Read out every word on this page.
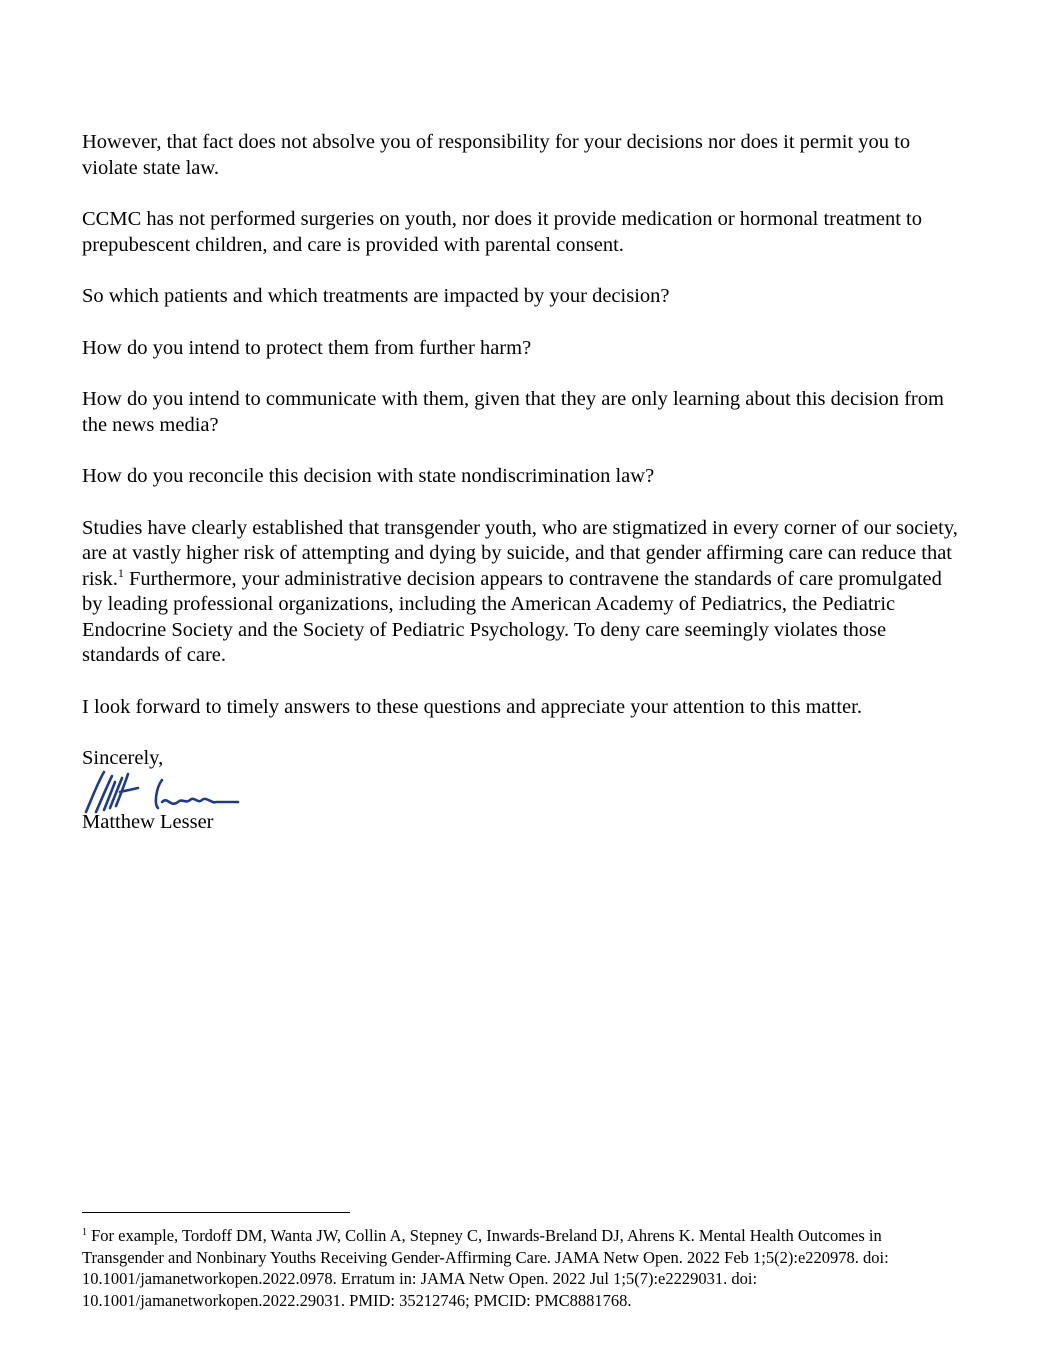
However, that fact does not absolve you of responsibility for your decisions nor does it permit you to violate state law.

CCMC has not performed surgeries on youth, nor does it provide medication or hormonal treatment to prepubescent children, and care is provided with parental consent.

So which patients and which treatments are impacted by your decision?

How do you intend to protect them from further harm?

How do you intend to communicate with them, given that they are only learning about this decision from the news media?

How do you reconcile this decision with state nondiscrimination law?

Studies have clearly established that transgender youth, who are stigmatized in every corner of our society, are at vastly higher risk of attempting and dying by suicide, and that gender affirming care can reduce that risk.$^1$ Furthermore, your administrative decision appears to contravene the standards of care promulgated by leading professional organizations, including the American Academy of Pediatrics, the Pediatric Endocrine Society and the Society of Pediatric Psychology. To deny care seemingly violates those standards of care.

I look forward to timely answers to these questions and appreciate your attention to this matter.

Sincerely,
Matthew Lesser
$^1$ For example, Tordoff DM, Wanta JW, Collin A, Stepney C, Inwards-Breland DJ, Ahrens K. Mental Health Outcomes in Transgender and Nonbinary Youths Receiving Gender-Affirming Care. JAMA Netw Open. 2022 Feb 1;5(2):e220978. doi: 10.1001/jamanetworkopen.2022.0978. Erratum in: JAMA Netw Open. 2022 Jul 1;5(7):e2229031. doi: 10.1001/jamanetworkopen.2022.29031. PMID: 35212746; PMCID: PMC8881768.
